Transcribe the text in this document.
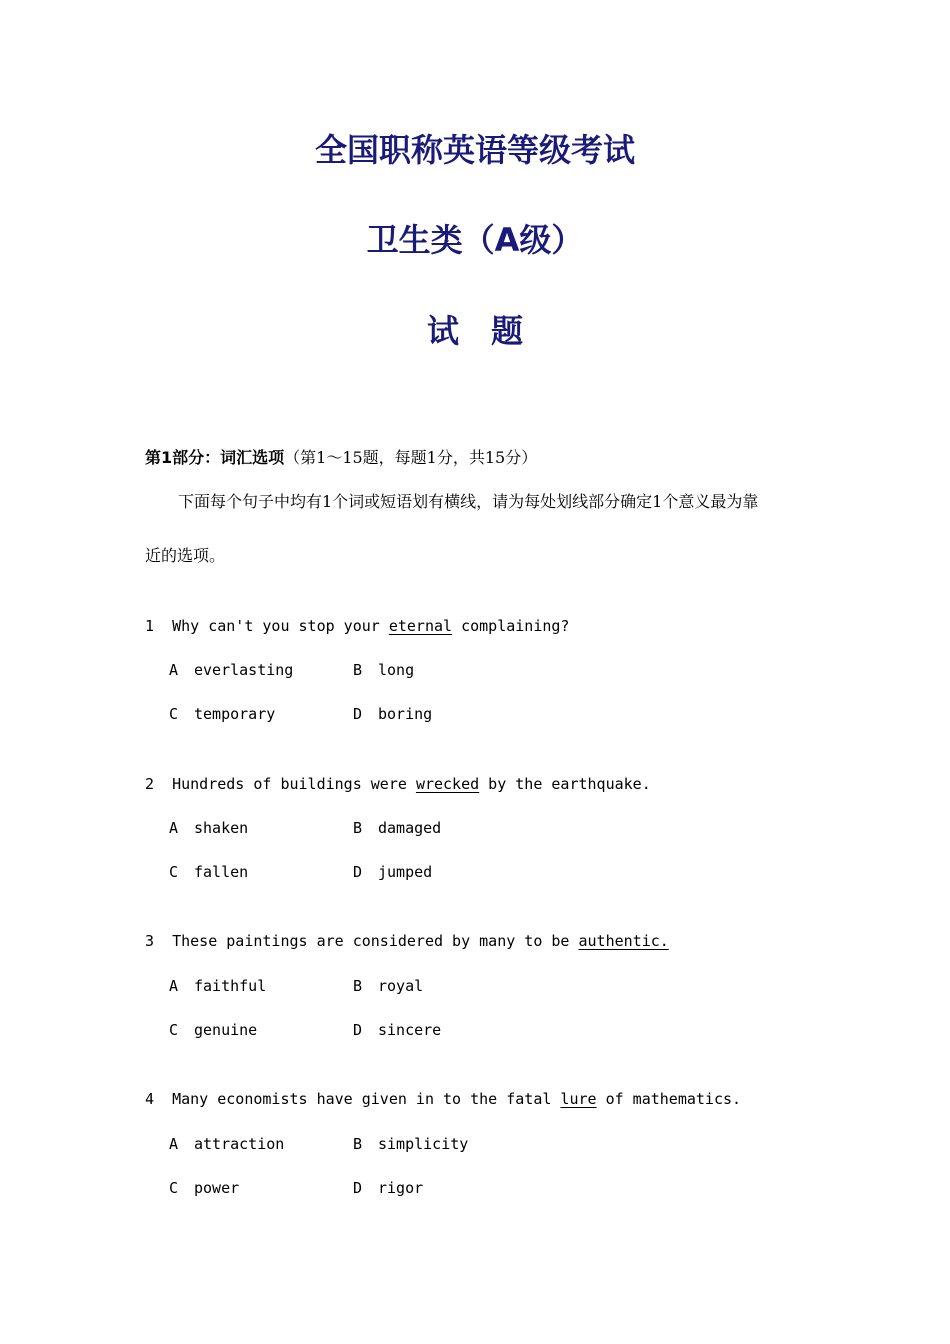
全国职称英语等级考试
卫生类（A级）
试 题
第1部分：词汇选项（第1～15题，每题1分，共15分）
下面每个句子中均有1个词或短语划有横线，请为每处划线部分确定1个意义最为靠
近的选项。
1 Why can't you stop your eternal complaining?
A everlasting	B long
C temporary	D boring
2 Hundreds of buildings were wrecked by the earthquake.
A shaken	B damaged
C fallen	D jumped
3 These paintings are considered by many to be authentic.
A faithful	B royal
C genuine	D sincere
4 Many economists have given in to the fatal lure of mathematics.
A attraction	B simplicity
C power	D rigor
